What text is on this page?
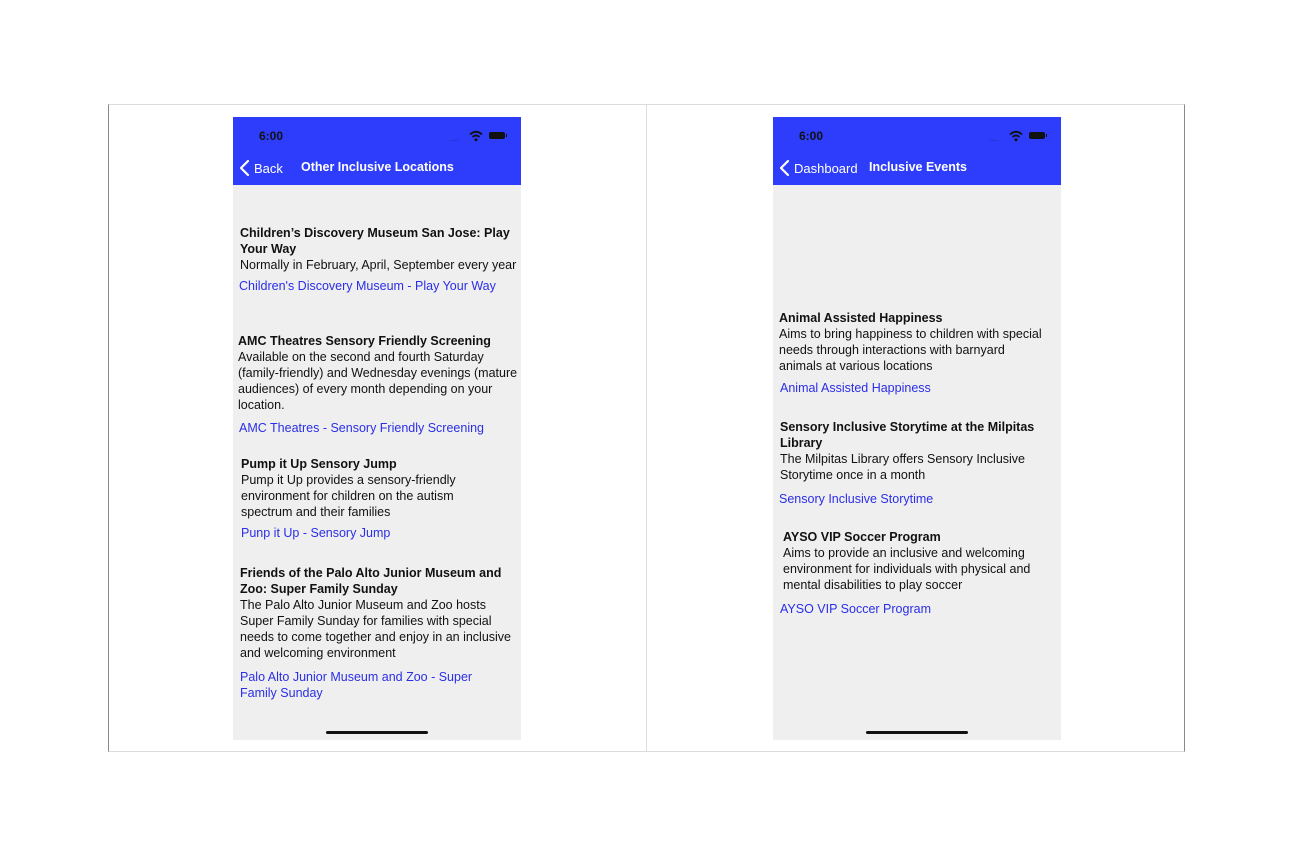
6:00	....
Back Other Inclusive Locations

Children’s Discovery Museum San Jose: Play Your Way

Normally in February, April, September every year

Children's Discovery Museum - Play Your Way

AMC Theatres Sensory Friendly Screening

Available on the second and fourth Saturday (family-friendly) and Wednesday evenings (mature audiences) of every month depending on your location.

AMC Theatres - Sensory Friendly Screening

Pump it Up Sensory Jump

Pump it Up provides a sensory-friendly environment for children on the autism spectrum and their families

Punp it Up - Sensory Jump

Friends of the Palo Alto Junior Museum and Zoo: Super Family Sunday

The Palo Alto Junior Museum and Zoo hosts Super Family Sunday for families with special needs to come together and enjoy in an inclusive and welcoming environment

Palo Alto Junior Museum and Zoo - Super Family Sunday

6:00	....
Dashboard Inclusive Events

Animal Assisted Happiness

Aims to bring happiness to children with special needs through interactions with barnyard animals at various locations

Animal Assisted Happiness

Sensory Inclusive Storytime at the Milpitas Library

The Milpitas Library offers Sensory Inclusive Storytime once in a month

Sensory Inclusive Storytime

AYSO VIP Soccer Program

Aims to provide an inclusive and welcoming environment for individuals with physical and mental disabilities to play soccer

AYSO VIP Soccer Program
